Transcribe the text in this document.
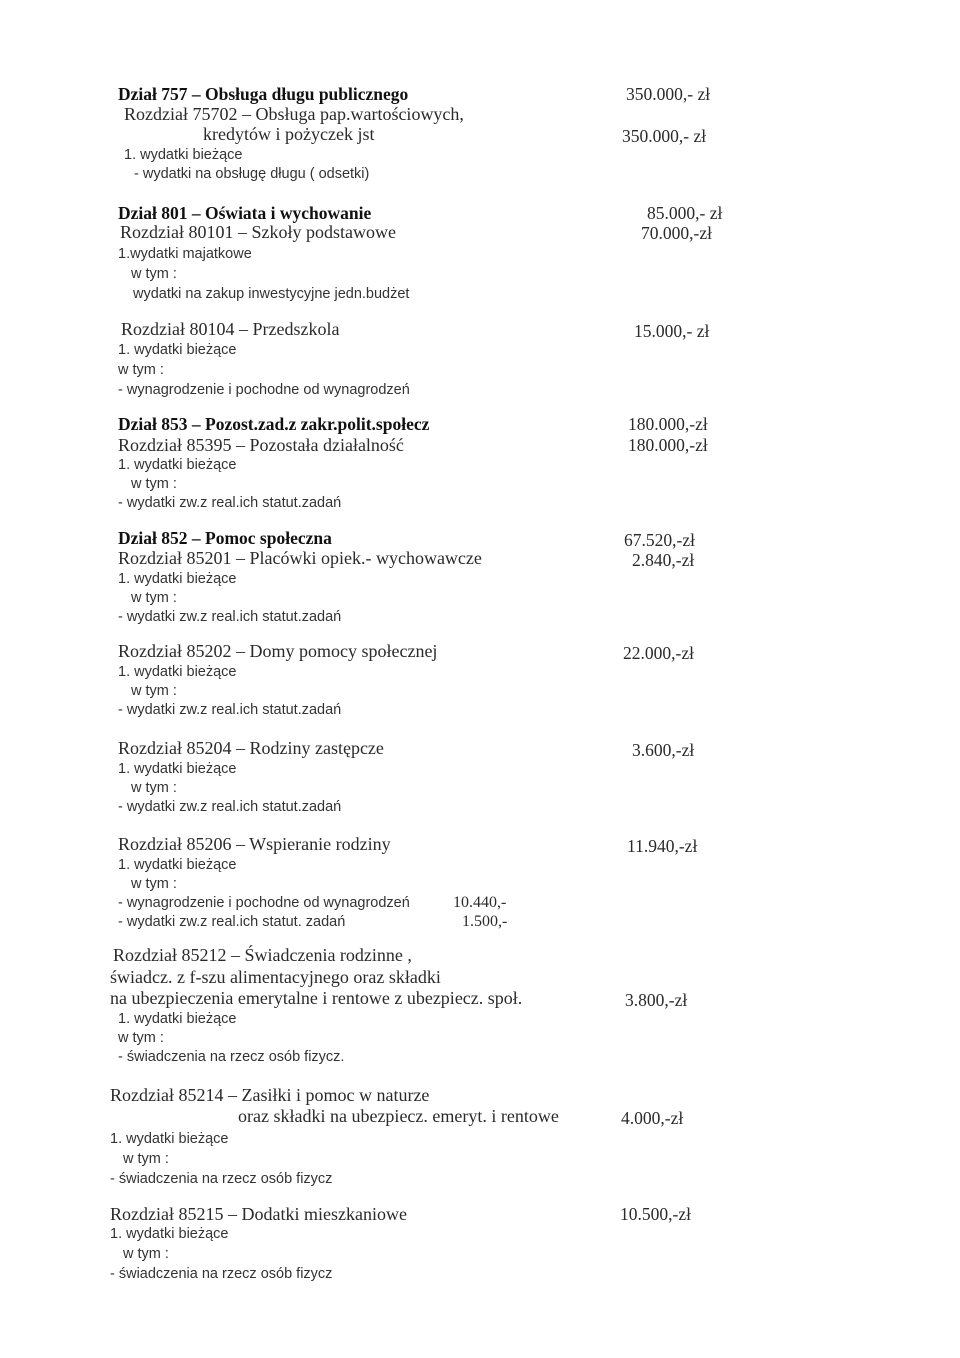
Dział 757 – Obsługa długu publicznego	350.000,- zł
Rozdział 75702 – Obsługa pap.wartościowych,
kredytów i pożyczek jst	350.000,- zł
1. wydatki bieżące
- wydatki na obsługę długu ( odsetki)
Dział 801 – Oświata i wychowanie	85.000,- zł
Rozdział 80101 – Szkoły podstawowe	70.000,-zł
1.wydatki majatkowe
w tym :
wydatki na zakup inwestycyjne jedn.budżet
Rozdział 80104 – Przedszkola	15.000,- zł
1. wydatki bieżące
w tym :
- wynagrodzenie i pochodne od wynagrodzeń
Dział 853 – Pozost.zad.z zakr.polit.społecz	180.000,-zł
Rozdział 85395 – Pozostała działalność	180.000,-zł
1. wydatki bieżące
w tym :
- wydatki zw.z real.ich statut.zadań
Dział 852 – Pomoc społeczna	67.520,-zł
Rozdział 85201 – Placówki opiek.- wychowawcze	2.840,-zł
1. wydatki bieżące
w tym :
- wydatki zw.z real.ich statut.zadań
Rozdział 85202 – Domy pomocy społecznej	22.000,-zł
1. wydatki bieżące
w tym :
- wydatki zw.z real.ich statut.zadań
Rozdział 85204 – Rodziny zastępcze	3.600,-zł
1. wydatki bieżące
w tym :
- wydatki zw.z real.ich statut.zadań
Rozdział 85206 – Wspieranie rodziny	11.940,-zł
1. wydatki bieżące
w tym :
- wynagrodzenie i pochodne od wynagrodzeń	10.440,-
- wydatki zw.z real.ich statut. zadań	1.500,-
Rozdział 85212 – Świadczenia rodzinne ,
świadcz. z f-szu alimentacyjnego oraz składki
na ubezpieczenia emerytalne i rentowe z ubezpiecz. społ.	3.800,-zł
1. wydatki bieżące
w tym :
- świadczenia na rzecz osób fizycz.
Rozdział 85214 – Zasiłki i pomoc w naturze
oraz składki na ubezpiecz. emeryt. i rentowe	4.000,-zł
1. wydatki bieżące
w tym :
- świadczenia na rzecz osób fizycz
Rozdział 85215 – Dodatki mieszkaniowe	10.500,-zł
1. wydatki bieżące
w tym :
- świadczenia na rzecz osób fizycz
